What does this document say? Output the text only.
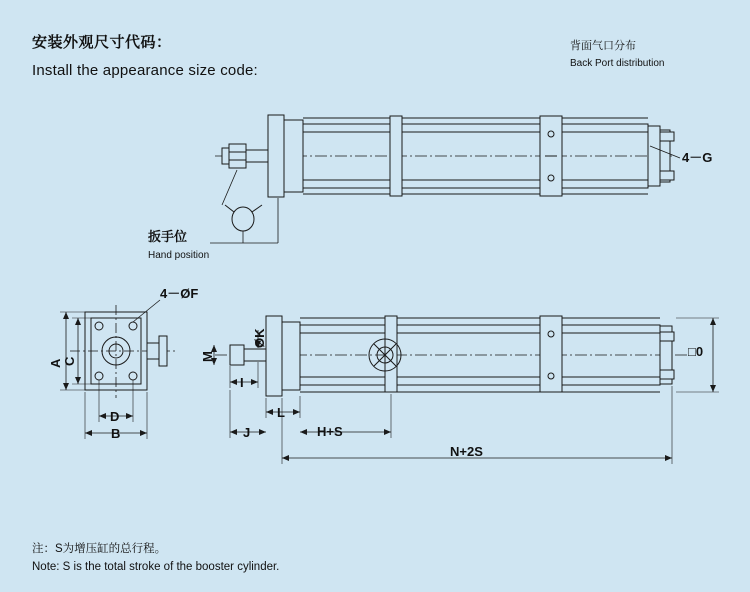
安装外观尺寸代码：
Install the appearance size code:
背面气口分布
Back Port distribution
4－G
扳手位
Hand position
4－ØF
ØK
A C
D
B
M
I
L
J	H+S
N+2S
□0
注：S为增压缸的总行程。
Note: S is the total stroke of the booster cylinder.
